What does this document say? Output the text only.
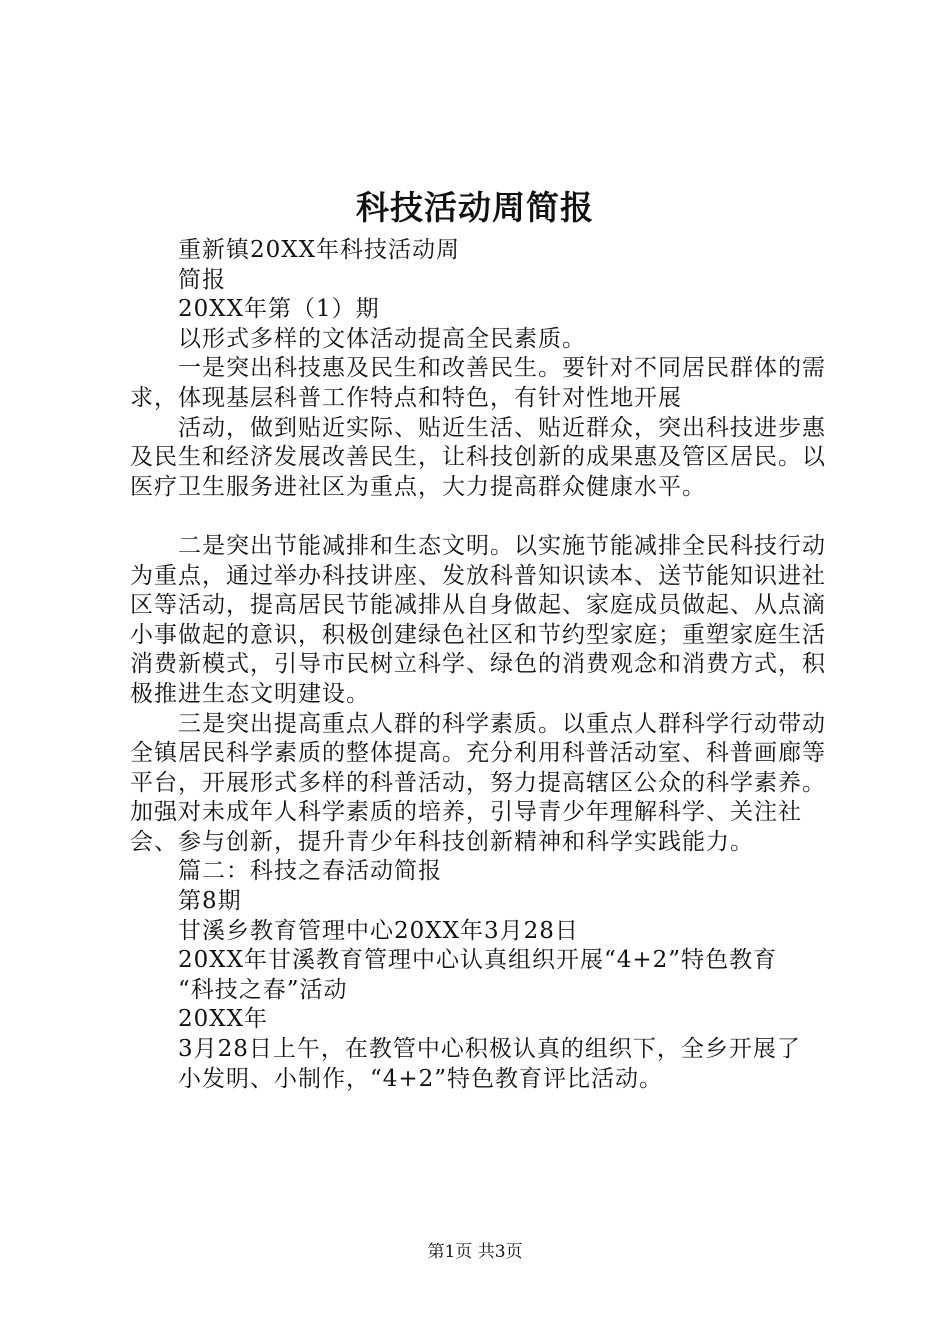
科技活动周简报

重新镇20XX年科技活动周

简报

20XX年第（1）期

以形式多样的文体活动提高全民素质。

一是突出科技惠及民生和改善民生。要针对不同居民群体的需求，体现基层科普工作特点和特色，有针对性地开展

活动，做到贴近实际、贴近生活、贴近群众，突出科技进步惠及民生和经济发展改善民生，让科技创新的成果惠及管区居民。以医疗卫生服务进社区为重点，大力提高群众健康水平。

二是突出节能减排和生态文明。以实施节能减排全民科技行动为重点，通过举办科技讲座、发放科普知识读本、送节能知识进社区等活动，提高居民节能减排从自身做起、家庭成员做起、从点滴小事做起的意识，积极创建绿色社区和节约型家庭；重塑家庭生活消费新模式，引导市民树立科学、绿色的消费观念和消费方式，积极推进生态文明建设。

三是突出提高重点人群的科学素质。以重点人群科学行动带动全镇居民科学素质的整体提高。充分利用科普活动室、科普画廊等平台，开展形式多样的科普活动，努力提高辖区公众的科学素养。加强对未成年人科学素质的培养，引导青少年理解科学、关注社会、参与创新，提升青少年科技创新精神和科学实践能力。

篇二：科技之春活动简报

第8期

甘溪乡教育管理中心20XX年3月28日

20XX年甘溪教育管理中心认真组织开展“4+2”特色教育

“科技之春”活动

20XX年

3月28日上午，在教管中心积极认真的组织下，全乡开展了

小发明、小制作，“4+2”特色教育评比活动。

第1页 共3页
